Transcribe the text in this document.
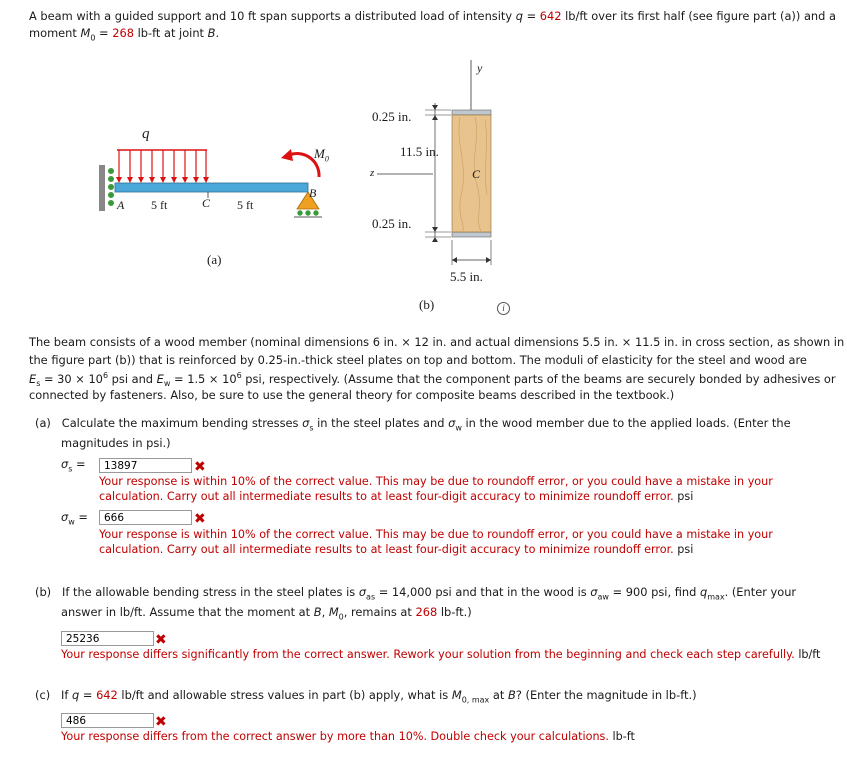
A beam with a guided support and 10 ft span supports a distributed load of intensity q = 642 lb/ft over its first half (see figure part (a)) and a
moment $M_0 = 268$ lb-ft at joint B.
q
$M_0$
A
B
5 ft	C 5 ft
(a)
y
z	C
0.25 in.
11.5 in.
0.25 in.
5.5 in.
(b)	i
The beam consists of a wood member (nominal dimensions 6 in. × 12 in. and actual dimensions 5.5 in. × 11.5 in. in cross section, as shown in
the figure part (b)) that is reinforced by 0.25-in.-thick steel plates on top and bottom. The moduli of elasticity for the steel and wood are
$E_s = 30 \times 10^6$ psi and $E_w = 1.5 \times 10^6$ psi, respectively. (Assume that the component parts of the beams are securely bonded by adhesives or
connected by fasteners. Also, be sure to use the general theory for composite beams described in the textbook.)
(a) Calculate the maximum bending stresses $\sigma_s$ in the steel plates and $\sigma_w$ in the wood member due to the applied loads. (Enter the
magnitudes in psi.)
$\sigma_s$ =	13897	✖
Your response is within 10% of the correct value. This may be due to roundoff error, or you could have a mistake in your
calculation. Carry out all intermediate results to at least four-digit accuracy to minimize roundoff error. psi
$\sigma_w$ =	666	✖
Your response is within 10% of the correct value. This may be due to roundoff error, or you could have a mistake in your
calculation. Carry out all intermediate results to at least four-digit accuracy to minimize roundoff error. psi
(b) If the allowable bending stress in the steel plates is $\sigma_{as} = 14,000$ psi and that in the wood is $\sigma_{aw} = 900$ psi, find $q_{max}$. (Enter your
answer in lb/ft. Assume that the moment at B, $M_0$, remains at 268 lb-ft.)
25236	✖
Your response differs significantly from the correct answer. Rework your solution from the beginning and check each step carefully. lb/ft
(c) If q = 642 lb/ft and allowable stress values in part (b) apply, what is $M_{0, max}$ at B? (Enter the magnitude in lb-ft.)
486	✖
Your response differs from the correct answer by more than 10%. Double check your calculations. lb-ft
